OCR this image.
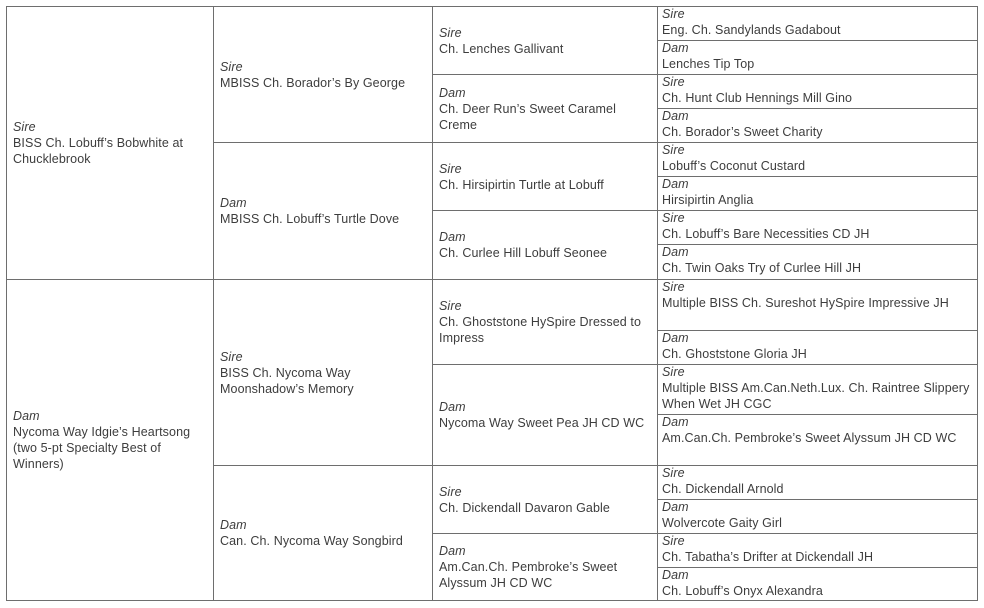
Sire
BISS Ch. Lobuff’s Bobwhite at Chucklebrook
Dam
Nycoma Way Idgie’s Heartsong
(two 5-pt Specialty Best of Winners)
Sire
MBISS Ch. Borador’s By George
Dam
MBISS Ch. Lobuff’s Turtle Dove
Sire
BISS Ch. Nycoma Way Moonshadow’s Memory
Dam
Can. Ch. Nycoma Way Songbird
Sire
Ch. Lenches Gallivant
Dam
Ch. Deer Run’s Sweet Caramel Creme
Sire
Ch. Hirsipirtin Turtle at Lobuff
Dam
Ch. Curlee Hill Lobuff Seonee
Sire
Ch. Ghoststone HySpire Dressed to Impress
Dam
Nycoma Way Sweet Pea JH CD WC
Sire
Ch. Dickendall Davaron Gable
Dam
Am.Can.Ch. Pembroke’s Sweet Alyssum JH CD WC
Sire
Eng. Ch. Sandylands Gadabout
Dam
Lenches Tip Top
Sire
Ch. Hunt Club Hennings Mill Gino
Dam
Ch. Borador’s Sweet Charity
Sire
Lobuff’s Coconut Custard
Dam
Hirsipirtin Anglia
Sire
Ch. Lobuff’s Bare Necessities CD JH
Dam
Ch. Twin Oaks Try of Curlee Hill JH
Sire
Multiple BISS Ch. Sureshot HySpire Impressive JH
Dam
Ch. Ghoststone Gloria JH
Sire
Multiple BISS Am.Can.Neth.Lux. Ch. Raintree Slippery When Wet JH CGC
Dam
Am.Can.Ch. Pembroke’s Sweet Alyssum JH CD WC
Sire
Ch. Dickendall Arnold
Dam
Wolvercote Gaity Girl
Sire
Ch. Tabatha’s Drifter at Dickendall JH
Dam
Ch. Lobuff’s Onyx Alexandra
